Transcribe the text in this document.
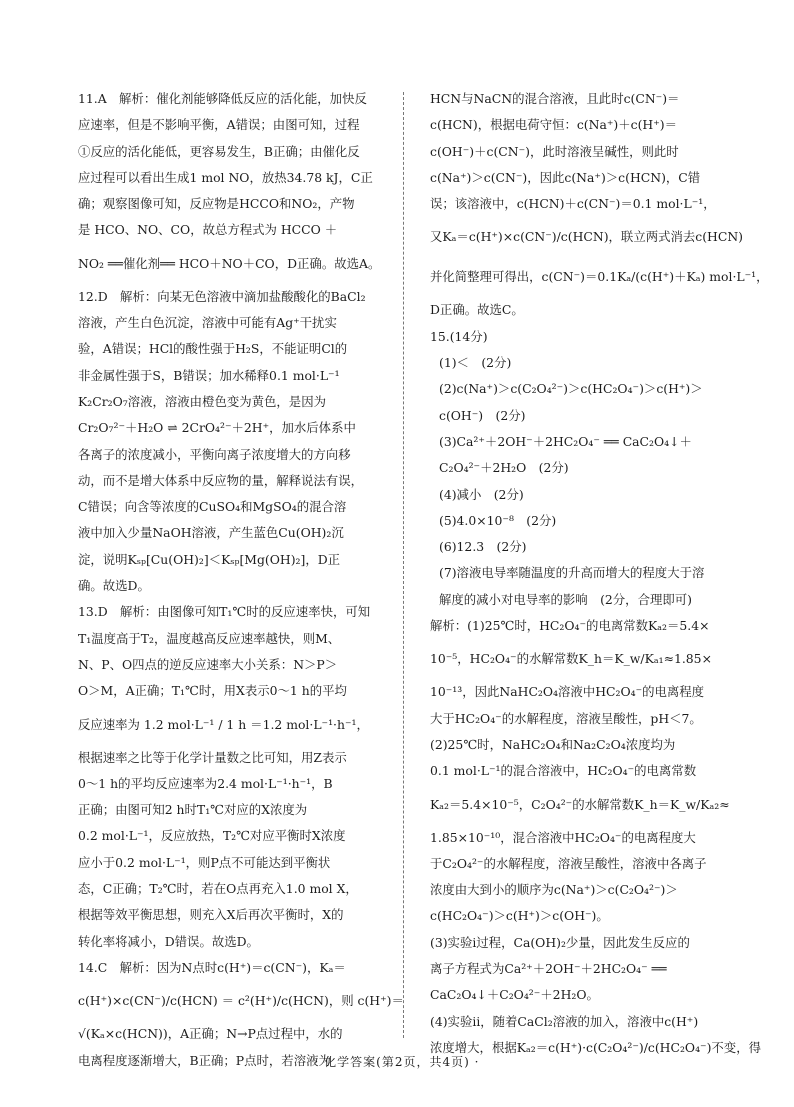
11.A　解析：催化剂能够降低反应的活化能，加快反
应速率，但是不影响平衡，A错误；由图可知，过程
①反应的活化能低，更容易发生，B正确；由催化反
应过程可以看出生成1 mol NO，放热34.78 kJ，C正
确；观察图像可知，反应物是HCCO和NO₂，产物
是 HCO、NO、CO，故总方程式为 HCCO ＋
NO₂ ══催化剂══ HCO＋NO＋CO，D正确。故选A。
12.D　解析：向某无色溶液中滴加盐酸酸化的BaCl₂
溶液，产生白色沉淀，溶液中可能有Ag⁺干扰实
验，A错误；HCl的酸性强于H₂S，不能证明Cl的
非金属性强于S，B错误；加水稀释0.1 mol·L⁻¹
K₂Cr₂O₇溶液，溶液由橙色变为黄色，是因为
Cr₂O₇²⁻＋H₂O ⇌ 2CrO₄²⁻＋2H⁺，加水后体系中
各离子的浓度减小，平衡向离子浓度增大的方向移
动，而不是增大体系中反应物的量，解释说法有误，
C错误；向含等浓度的CuSO₄和MgSO₄的混合溶
液中加入少量NaOH溶液，产生蓝色Cu(OH)₂沉
淀，说明Kₛₚ[Cu(OH)₂]＜Kₛₚ[Mg(OH)₂]，D正
确。故选D。
13.D　解析：由图像可知T₁℃时的反应速率快，可知
T₁温度高于T₂，温度越高反应速率越快，则M、
N、P、O四点的逆反应速率大小关系：N＞P＞
O＞M，A正确；T₁℃时，用X表示0～1 h的平均
反应速率为 1.2 mol·L⁻¹ / 1 h ＝1.2 mol·L⁻¹·h⁻¹，
根据速率之比等于化学计量数之比可知，用Z表示
0～1 h的平均反应速率为2.4 mol·L⁻¹·h⁻¹，B
正确；由图可知2 h时T₁℃对应的X浓度为
0.2 mol·L⁻¹，反应放热，T₂℃对应平衡时X浓度
应小于0.2 mol·L⁻¹，则P点不可能达到平衡状
态，C正确；T₂℃时，若在O点再充入1.0 mol X，
根据等效平衡思想，则充入X后再次平衡时，X的
转化率将减小，D错误。故选D。
14.C　解析：因为N点时c(H⁺)＝c(CN⁻)，Kₐ＝
c(H⁺)×c(CN⁻)/c(HCN) ＝ c²(H⁺)/c(HCN)，则 c(H⁺)＝
√(Kₐ×c(HCN))，A正确；N→P点过程中，水的
电离程度逐渐增大，B正确；P点时，若溶液为
HCN与NaCN的混合溶液，且此时c(CN⁻)＝
c(HCN)，根据电荷守恒：c(Na⁺)＋c(H⁺)＝
c(OH⁻)＋c(CN⁻)，此时溶液呈碱性，则此时
c(Na⁺)＞c(CN⁻)，因此c(Na⁺)＞c(HCN)，C错
误；该溶液中，c(HCN)＋c(CN⁻)＝0.1 mol·L⁻¹，
又Kₐ＝c(H⁺)×c(CN⁻)/c(HCN)，联立两式消去c(HCN)
并化简整理可得出，c(CN⁻)＝0.1Kₐ/(c(H⁺)＋Kₐ) mol·L⁻¹，
D正确。故选C。
15.(14分)
(1)＜　(2分)
(2)c(Na⁺)＞c(C₂O₄²⁻)＞c(HC₂O₄⁻)＞c(H⁺)＞
c(OH⁻)　(2分)
(3)Ca²⁺＋2OH⁻＋2HC₂O₄⁻ ══ CaC₂O₄↓＋
C₂O₄²⁻＋2H₂O　(2分)
(4)减小　(2分)
(5)4.0×10⁻⁸　(2分)
(6)12.3　(2分)
(7)溶液电导率随温度的升高而增大的程度大于溶
解度的减小对电导率的影响　(2分，合理即可)
解析：(1)25℃时，HC₂O₄⁻的电离常数Kₐ₂＝5.4×
10⁻⁵，HC₂O₄⁻的水解常数K_h＝K_w/Kₐ₁≈1.85×
10⁻¹³，因此NaHC₂O₄溶液中HC₂O₄⁻的电离程度
大于HC₂O₄⁻的水解程度，溶液呈酸性，pH＜7。
(2)25℃时，NaHC₂O₄和Na₂C₂O₄浓度均为
0.1 mol·L⁻¹的混合溶液中，HC₂O₄⁻的电离常数
Kₐ₂＝5.4×10⁻⁵，C₂O₄²⁻的水解常数K_h＝K_w/Kₐ₂≈
1.85×10⁻¹⁰，混合溶液中HC₂O₄⁻的电离程度大
于C₂O₄²⁻的水解程度，溶液呈酸性，溶液中各离子
浓度由大到小的顺序为c(Na⁺)＞c(C₂O₄²⁻)＞
c(HC₂O₄⁻)＞c(H⁺)＞c(OH⁻)。
(3)实验ⅰ过程，Ca(OH)₂少量，因此发生反应的
离子方程式为Ca²⁺＋2OH⁻＋2HC₂O₄⁻ ══
CaC₂O₄↓＋C₂O₄²⁻＋2H₂O。
(4)实验ⅱ，随着CaCl₂溶液的加入，溶液中c(H⁺)
浓度增大，根据Kₐ₂＝c(H⁺)·c(C₂O₄²⁻)/c(HC₂O₄⁻)不变，得
· 化学答案(第2页，共4页) ·
